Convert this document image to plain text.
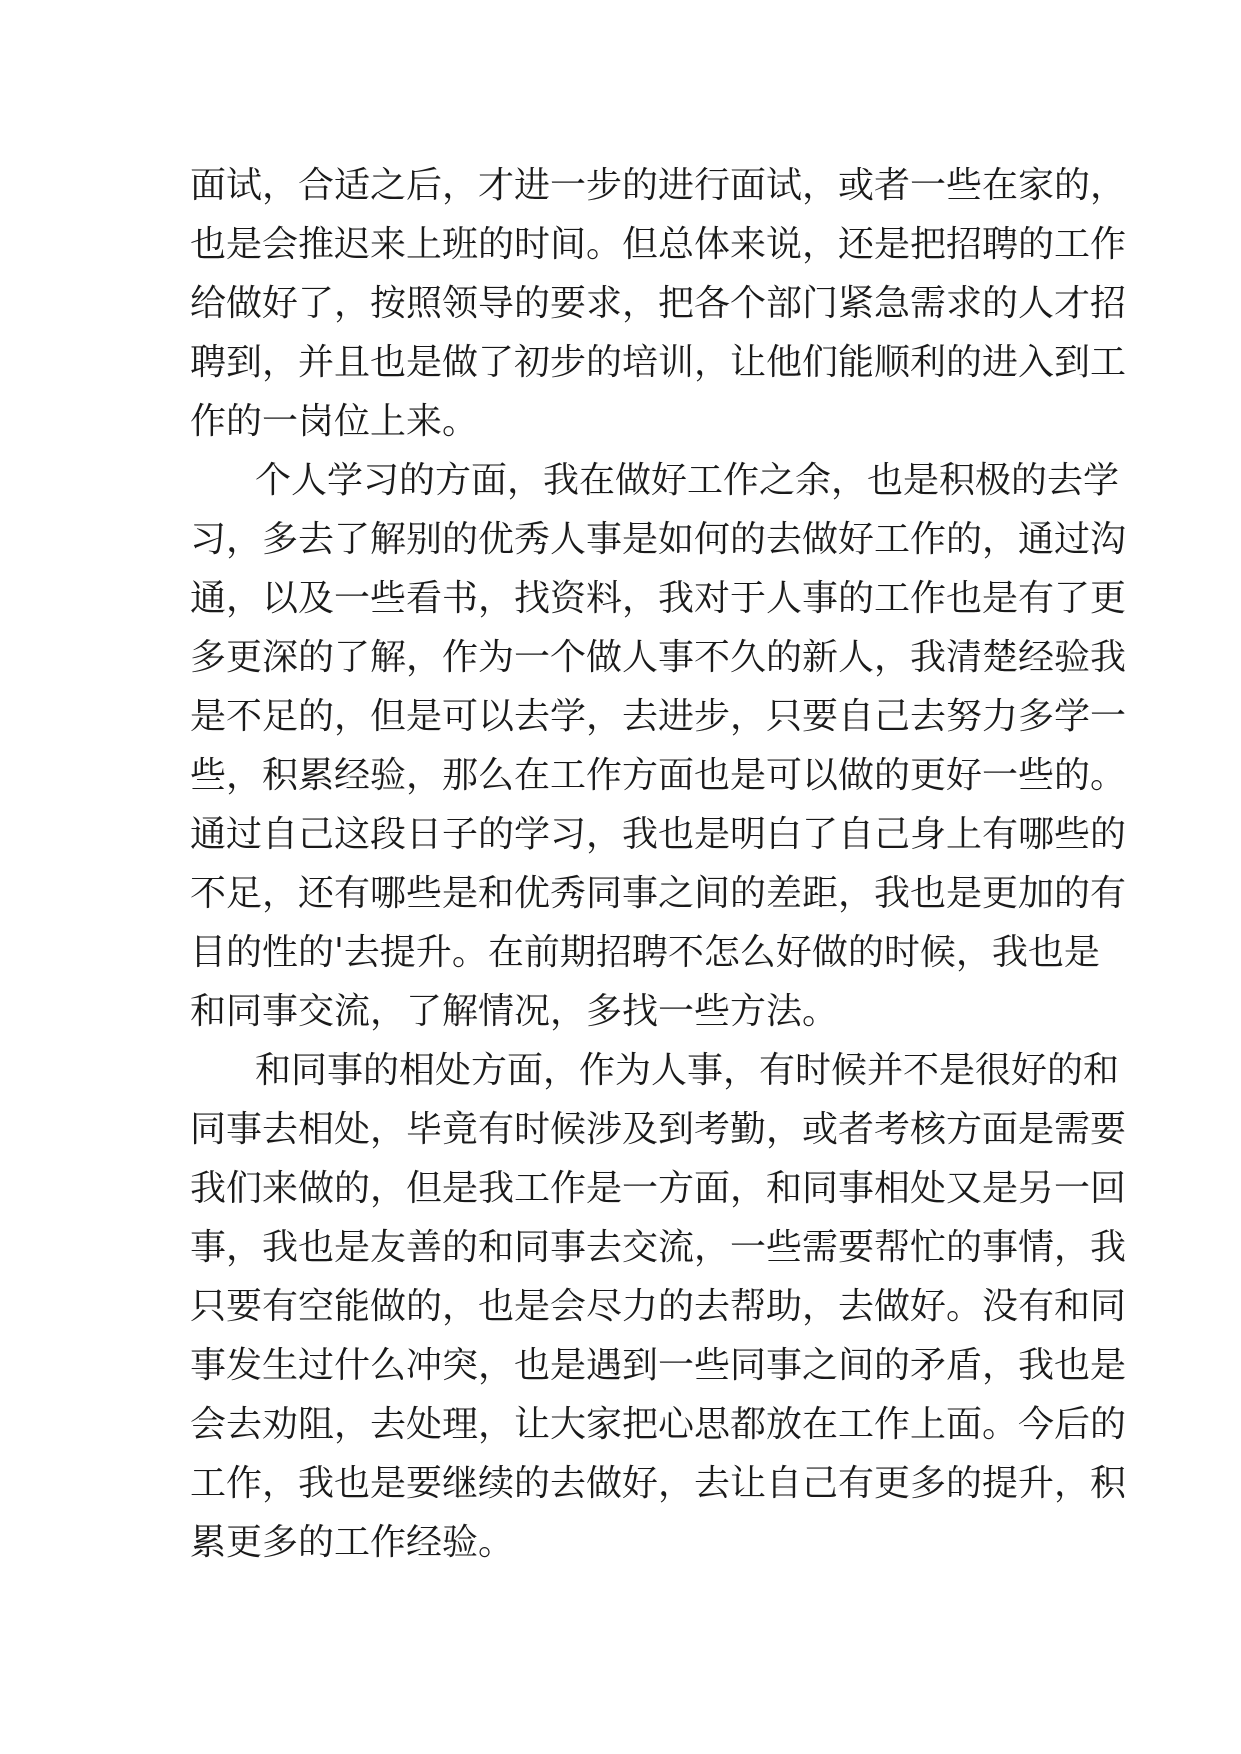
面试，合适之后，才进一步的进行面试，或者一些在家的，
也是会推迟来上班的时间。但总体来说，还是把招聘的工作
给做好了，按照领导的要求，把各个部门紧急需求的人才招
聘到，并且也是做了初步的培训，让他们能顺利的进入到工
作的一岗位上来。
个人学习的方面，我在做好工作之余，也是积极的去学
习，多去了解别的优秀人事是如何的去做好工作的，通过沟
通，以及一些看书，找资料，我对于人事的工作也是有了更
多更深的了解，作为一个做人事不久的新人，我清楚经验我
是不足的，但是可以去学，去进步，只要自己去努力多学一
些，积累经验，那么在工作方面也是可以做的更好一些的。
通过自己这段日子的学习，我也是明白了自己身上有哪些的
不足，还有哪些是和优秀同事之间的差距，我也是更加的有
目的性的'去提升。在前期招聘不怎么好做的时候，我也是
和同事交流，了解情况，多找一些方法。
和同事的相处方面，作为人事，有时候并不是很好的和
同事去相处，毕竟有时候涉及到考勤，或者考核方面是需要
我们来做的，但是我工作是一方面，和同事相处又是另一回
事，我也是友善的和同事去交流，一些需要帮忙的事情，我
只要有空能做的，也是会尽力的去帮助，去做好。没有和同
事发生过什么冲突，也是遇到一些同事之间的矛盾，我也是
会去劝阻，去处理，让大家把心思都放在工作上面。今后的
工作，我也是要继续的去做好，去让自己有更多的提升，积
累更多的工作经验。
